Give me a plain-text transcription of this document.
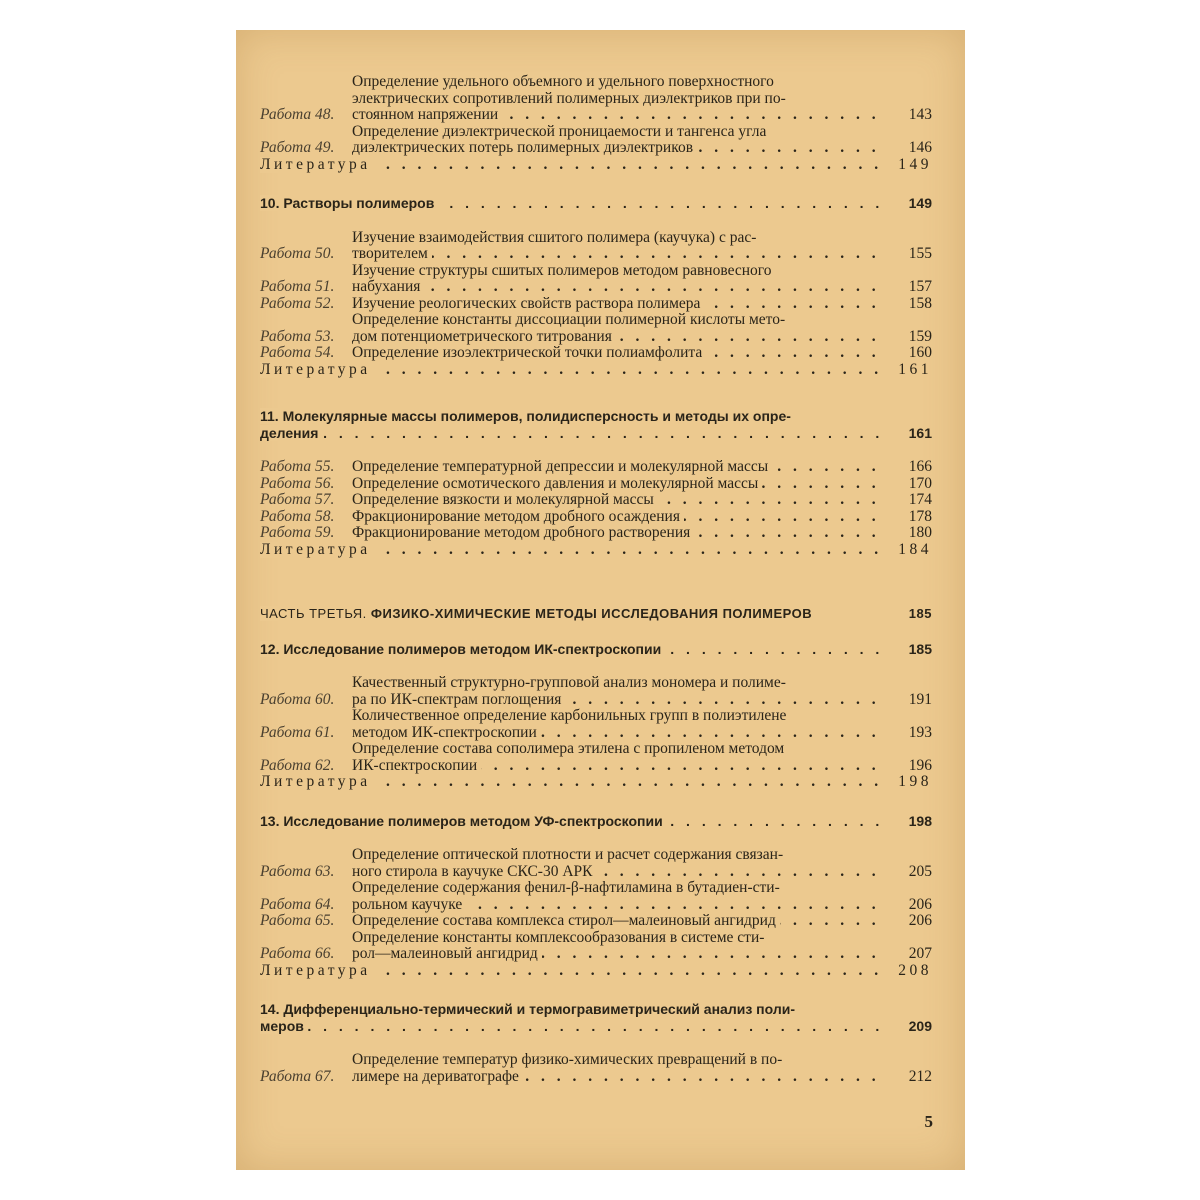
Работа 48.
Определение удельного объемного и удельного поверхностного
электрических сопротивлений полимерных диэлектриков при по-
стоянном напряжении . . .	143
Работа 49.
Определение диэлектрической проницаемости и тангенса угла
диэлектрических потерь полимерных диэлектриков . . .	146
Литература . . .	149
10. Растворы полимеров . . .	149
Работа 50.
Изучение взаимодействия сшитого полимера (каучука) с рас-
творителем . . .	155
Работа 51.
Изучение структуры сшитых полимеров методом равновесного
набухания . . .	157
Работа 52.	Изучение реологических свойств раствора полимера . . .	158
Работа 53.
Определение константы диссоциации полимерной кислоты мето-
дом потенциометрического титрования . . .	159
Работа 54.	Определение изоэлектрической точки полиамфолита . . .	160
Литература . . .	161
11. Молекулярные массы полимеров, полидисперсность и методы их опре-
деления . . .	161
Работа 55.	Определение температурной депрессии и молекулярной массы . . .	166
Работа 56.	Определение осмотического давления и молекулярной массы . . .	170
Работа 57.	Определение вязкости и молекулярной массы . . .	174
Работа 58.	Фракционирование методом дробного осаждения . . .	178
Работа 59.	Фракционирование методом дробного растворения . . .	180
Литература . . .	184
ЧАСТЬ ТРЕТЬЯ. ФИЗИКО-ХИМИЧЕСКИЕ МЕТОДЫ ИССЛЕДОВАНИЯ ПОЛИМЕРОВ	185
12. Исследование полимеров методом ИК-спектроскопии . . .	185
Работа 60.
Качественный структурно-групповой анализ мономера и полиме-
ра по ИК-спектрам поглощения . . .	191
Работа 61.
Количественное определение карбонильных групп в полиэтилене
методом ИК-спектроскопии . . .	193
Работа 62.
Определение состава сополимера этилена с пропиленом методом
ИК-спектроскопии . . .	196
Литература . . .	198
13. Исследование полимеров методом УФ-спектроскопии . . .	198
Работа 63.
Определение оптической плотности и расчет содержания связан-
ного стирола в каучуке СКС-30 АРК . . .	205
Работа 64.
Определение содержания фенил-β-нафтиламина в бутадиен-сти-
рольном каучуке . . .	206
Работа 65.	Определение состава комплекса стирол—малеиновый ангидрид . . .	206
Работа 66.
Определение константы комплексообразования в системе сти-
рол—малеиновый ангидрид . . .	207
Литература . . .	208
14. Дифференциально-термический и термогравиметрический анализ поли-
меров . . .	209
Работа 67.
Определение температур физико-химических превращений в по-
лимере на дериватографе . . .	212
5
